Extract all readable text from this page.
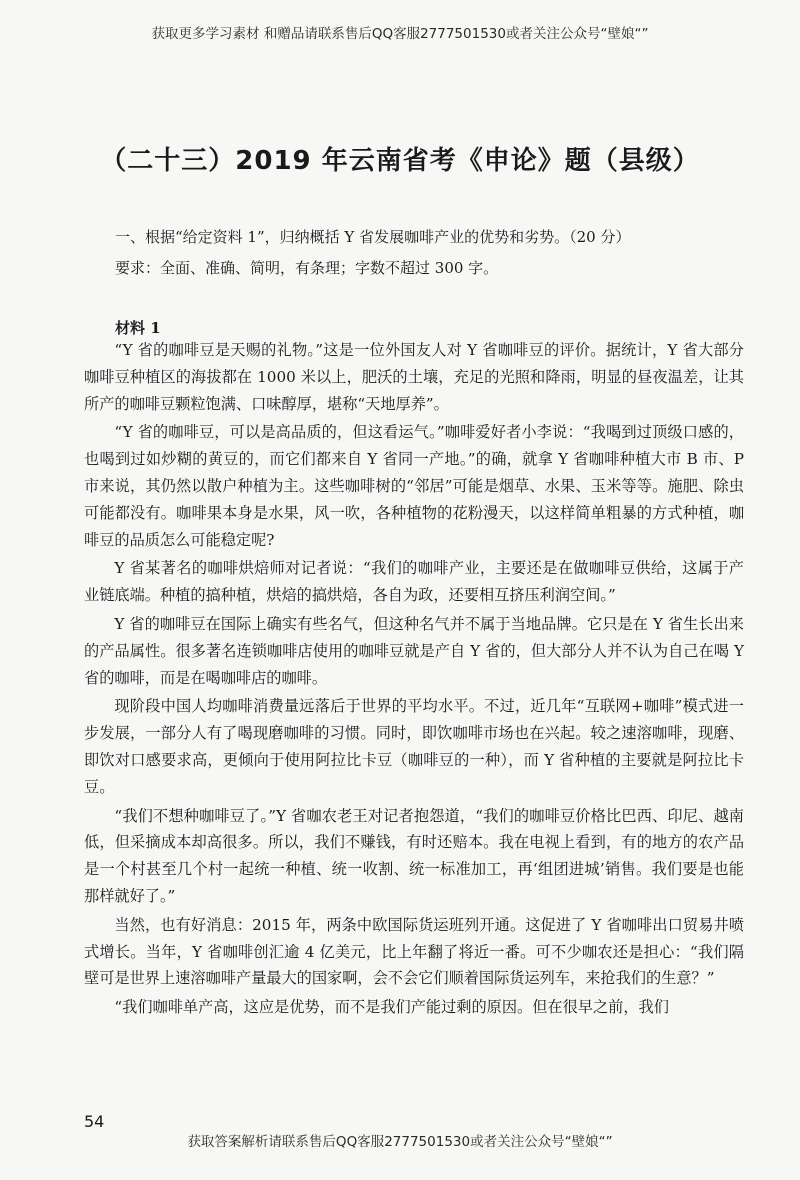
获取更多学习素材 和赠品请联系售后QQ客服2777501530或者关注公众号“壁娘“”
（二十三）2019 年云南省考《申论》题（县级）
一、根据“给定资料 1”，归纳概括 Y 省发展咖啡产业的优势和劣势。（20 分）
要求：全面、准确、简明，有条理；字数不超过 300 字。
材料 1

“Y 省的咖啡豆是天赐的礼物。”这是一位外国友人对 Y 省咖啡豆的评价。据统计，Y 省大部分咖啡豆种植区的海拔都在 1000 米以上，肥沃的土壤，充足的光照和降雨，明显的昼夜温差，让其所产的咖啡豆颗粒饱满、口味醇厚，堪称“天地厚养”。

“Y 省的咖啡豆，可以是高品质的，但这看运气。”咖啡爱好者小李说：“我喝到过顶级口感的，也喝到过如炒糊的黄豆的，而它们都来自 Y 省同一产地。”的确，就拿 Y 省咖啡种植大市 B 市、P 市来说，其仍然以散户种植为主。这些咖啡树的“邻居”可能是烟草、水果、玉米等等。施肥、除虫可能都没有。咖啡果本身是水果，风一吹，各种植物的花粉漫天，以这样简单粗暴的方式种植，咖啡豆的品质怎么可能稳定呢?

Y 省某著名的咖啡烘焙师对记者说：“我们的咖啡产业，主要还是在做咖啡豆供给，这属于产业链底端。种植的搞种植，烘焙的搞烘焙，各自为政，还要相互挤压利润空间。”

Y 省的咖啡豆在国际上确实有些名气，但这种名气并不属于当地品牌。它只是在 Y 省生长出来的产品属性。很多著名连锁咖啡店使用的咖啡豆就是产自 Y 省的，但大部分人并不认为自己在喝 Y 省的咖啡，而是在喝咖啡店的咖啡。

现阶段中国人均咖啡消费量远落后于世界的平均水平。不过，近几年“互联网+咖啡”模式进一步发展，一部分人有了喝现磨咖啡的习惯。同时，即饮咖啡市场也在兴起。较之速溶咖啡，现磨、即饮对口感要求高，更倾向于使用阿拉比卡豆（咖啡豆的一种），而 Y 省种植的主要就是阿拉比卡豆。

“我们不想种咖啡豆了。”Y 省咖农老王对记者抱怨道，“我们的咖啡豆价格比巴西、印尼、越南低，但采摘成本却高很多。所以，我们不赚钱，有时还赔本。我在电视上看到，有的地方的农产品是一个村甚至几个村一起统一种植、统一收割、统一标准加工，再‘组团进城’销售。我们要是也能那样就好了。”

当然，也有好消息：2015 年，两条中欧国际货运班列开通。这促进了 Y 省咖啡出口贸易井喷式增长。当年，Y 省咖啡创汇逾 4 亿美元，比上年翻了将近一番。可不少咖农还是担心：“我们隔壁可是世界上速溶咖啡产量最大的国家啊，会不会它们顺着国际货运列车，来抢我们的生意？”

“我们咖啡单产高，这应是优势，而不是我们产能过剩的原因。但在很早之前，我们

54
获取答案解析请联系售后QQ客服2777501530或者关注公众号“壁娘“”
